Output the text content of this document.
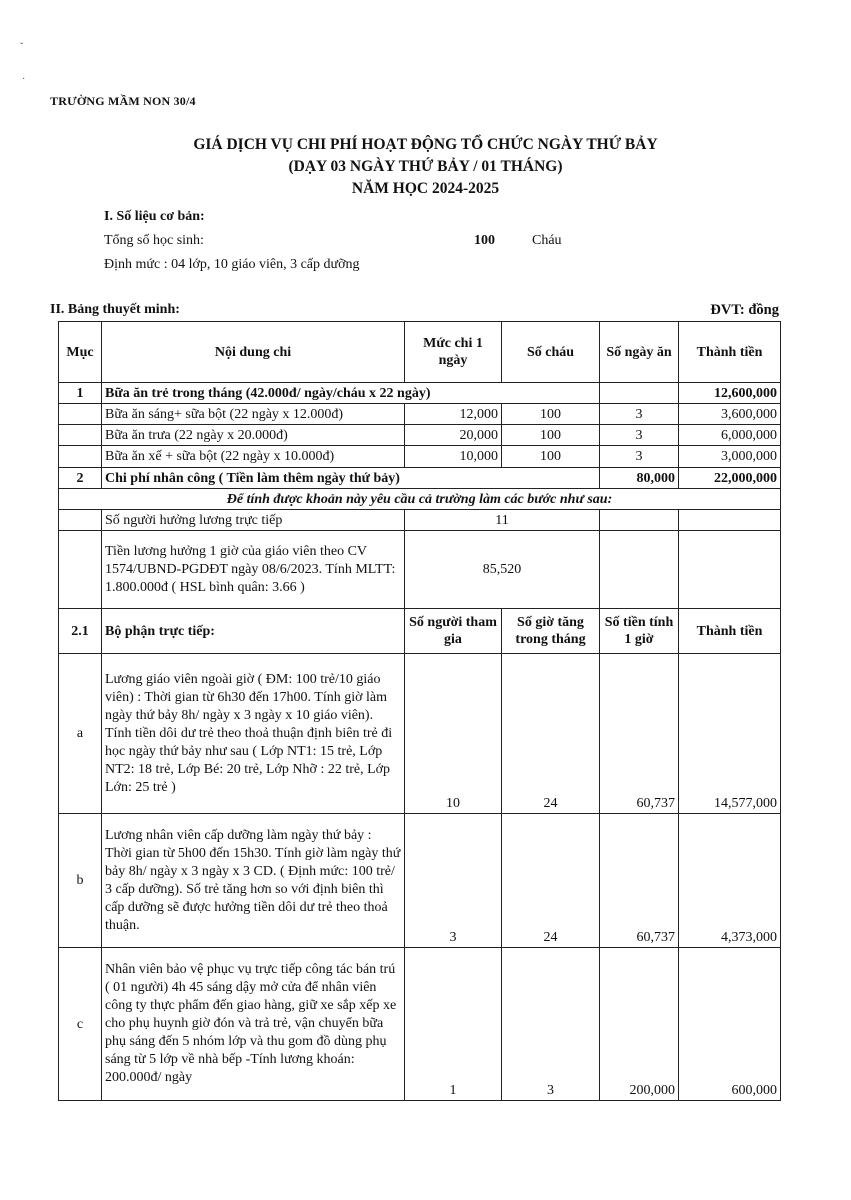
ˇ
·
TRƯỜNG MẦM NON 30/4
GIÁ DỊCH VỤ CHI PHÍ HOẠT ĐỘNG TỔ CHỨC NGÀY THỨ BẢY
(DẠY 03 NGÀY THỨ BẢY / 01 THÁNG)
NĂM HỌC 2024-2025
I. Số liệu cơ bản:
Tổng số học sinh:	100	Cháu
Định mức : 04 lớp, 10 giáo viên, 3 cấp dưỡng
II. Bảng thuyết minh:	ĐVT: đồng
Mục	Nội dung chi	Mức chi 1 ngày	Số cháu	Số ngày ăn	Thành tiền
1	Bữa ăn trẻ trong tháng (42.000đ/ ngày/cháu x 22 ngày)				12,600,000
	Bữa ăn sáng+ sữa bột (22 ngày x 12.000đ)	12,000	100	3	3,600,000
	Bữa ăn trưa (22 ngày x 20.000đ)	20,000	100	3	6,000,000
	Bữa ăn xế + sữa bột (22 ngày x 10.000đ)	10,000	100	3	3,000,000
2	Chi phí nhân công ( Tiền làm thêm ngày thứ bảy)			80,000	22,000,000
Để tính được khoản này yêu cầu cả trường làm các bước như sau:					
	Số người hưởng lương trực tiếp	11			
	Tiền lương hưởng 1 giờ của giáo viên theo CV 1574/UBND-PGDĐT ngày 08/6/2023. Tính MLTT: 1.800.000đ ( HSL bình quân: 3.66 )	85,520			
2.1	Bộ phận trực tiếp:	Số người tham gia	Số giờ tăng trong tháng	Số tiền tính 1 giờ	Thành tiền
a	Lương giáo viên ngoài giờ ( ĐM: 100 trẻ/10 giáo viên) : Thời gian từ 6h30 đến 17h00. Tính giờ làm ngày thứ bảy 8h/ ngày x 3 ngày x 10 giáo viên). Tính tiền dôi dư trẻ theo thoả thuận định biên trẻ đi học ngày thứ bảy như sau ( Lớp NT1: 15 trẻ, Lớp NT2: 18 trẻ, Lớp Bé: 20 trẻ, Lớp Nhỡ : 22 trẻ, Lớp Lớn: 25 trẻ )	10	24	60,737	14,577,000
b	Lương nhân viên cấp dưỡng làm ngày thứ bảy : Thời gian từ 5h00 đến 15h30. Tính giờ làm ngày thứ bảy 8h/ ngày x 3 ngày x 3 CD. ( Định mức: 100 trẻ/ 3 cấp dưỡng). Số trẻ tăng hơn so với định biên thì cấp dưỡng sẽ được hưởng tiền dôi dư trẻ theo thoả thuận.	3	24	60,737	4,373,000
c	Nhân viên bảo vệ phục vụ trực tiếp công tác bán trú ( 01 người) 4h 45 sáng dậy mở cửa để nhân viên công ty thực phẩm đến giao hàng, giữ xe sắp xếp xe cho phụ huynh giờ đón và trả trẻ, vận chuyển bữa phụ sáng đến 5 nhóm lớp và thu gom đồ dùng phụ sáng từ 5 lớp về nhà bếp -Tính lương khoán: 200.000đ/ ngày	1	3	200,000	600,000
